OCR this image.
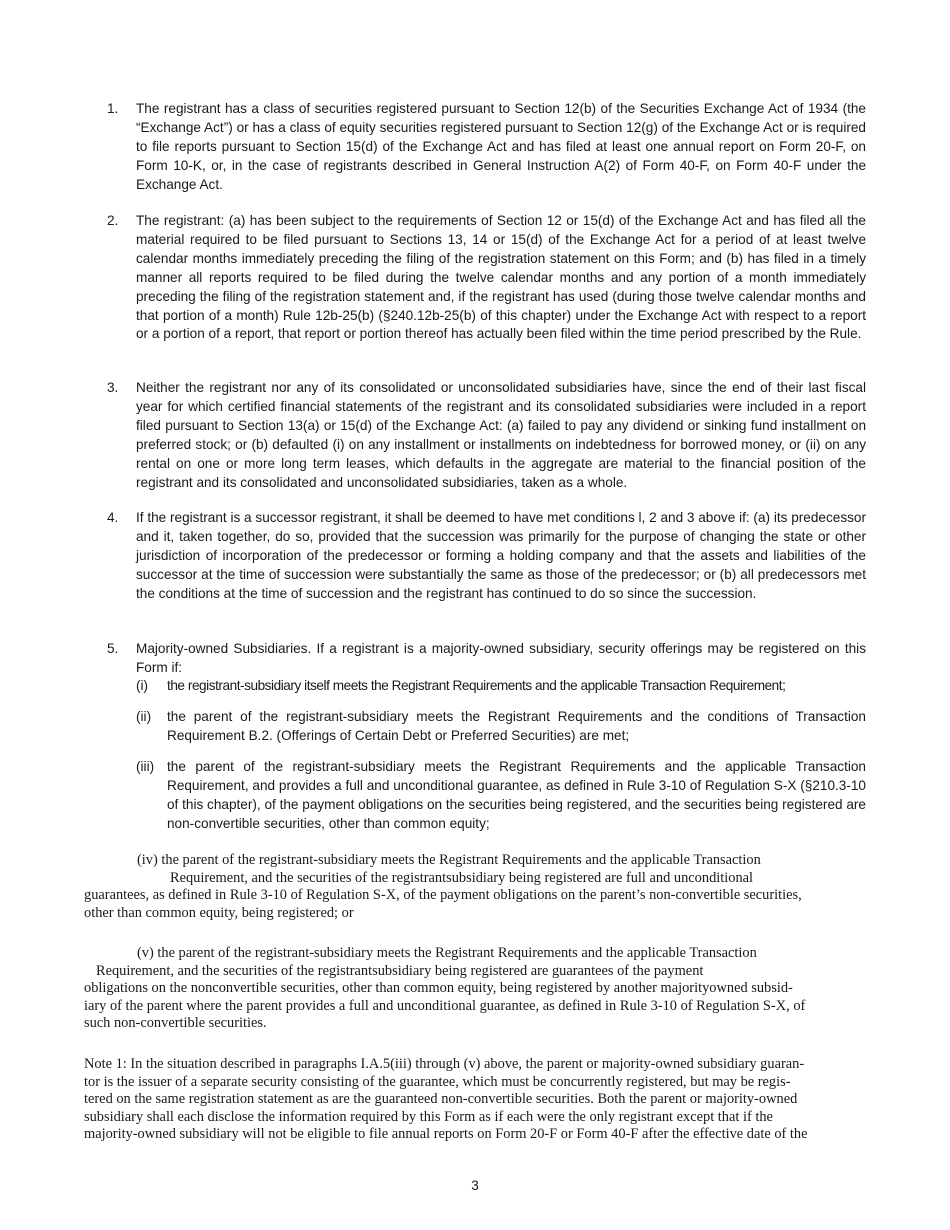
1. The registrant has a class of securities registered pursuant to Section 12(b) of the Securities Exchange Act of 1934 (the “Exchange Act”) or has a class of equity securities registered pursuant to Section 12(g) of the Exchange Act or is required to file reports pursuant to Section 15(d) of the Exchange Act and has filed at least one annual report on Form 20-F, on Form 10-K, or, in the case of registrants described in General Instruction A(2) of Form 40-F, on Form 40-F under the Exchange Act.
2. The registrant: (a) has been subject to the requirements of Section 12 or 15(d) of the Exchange Act and has filed all the material required to be filed pursuant to Sections 13, 14 or 15(d) of the Exchange Act for a period of at least twelve calendar months immediately preceding the filing of the registration statement on this Form; and (b) has filed in a timely manner all reports required to be filed during the twelve calendar months and any portion of a month immediately preceding the filing of the registration statement and, if the registrant has used (during those twelve calendar months and that portion of a month) Rule 12b-25(b) (§240.12b-25(b) of this chapter) under the Exchange Act with respect to a report or a portion of a report, that report or portion thereof has actually been filed within the time period prescribed by the Rule.
3. Neither the registrant nor any of its consolidated or unconsolidated subsidiaries have, since the end of their last fiscal year for which certified financial statements of the registrant and its consolidated subsidiaries were included in a report filed pursuant to Section 13(a) or 15(d) of the Exchange Act: (a) failed to pay any dividend or sinking fund installment on preferred stock; or (b) defaulted (i) on any installment or installments on indebtedness for borrowed money, or (ii) on any rental on one or more long term leases, which defaults in the aggregate are material to the financial position of the registrant and its consolidated and unconsolidated subsidiaries, taken as a whole.
4. If the registrant is a successor registrant, it shall be deemed to have met conditions l, 2 and 3 above if: (a) its predecessor and it, taken together, do so, provided that the succession was primarily for the purpose of changing the state or other jurisdiction of incorporation of the predecessor or forming a holding company and that the assets and liabilities of the successor at the time of succession were substantially the same as those of the predecessor; or (b) all predecessors met the conditions at the time of succession and the registrant has continued to do so since the succession.
5. Majority-owned Subsidiaries. If a registrant is a majority-owned subsidiary, security offerings may be registered on this Form if:
(i) the registrant-subsidiary itself meets the Registrant Requirements and the applicable Transaction Requirement;
(ii) the parent of the registrant-subsidiary meets the Registrant Requirements and the conditions of Transaction Requirement B.2. (Offerings of Certain Debt or Preferred Securities) are met;
(iii) the parent of the registrant-subsidiary meets the Registrant Requirements and the applicable Transaction Requirement, and provides a full and unconditional guarantee, as defined in Rule 3-10 of Regulation S-X (§210.3-10 of this chapter), of the payment obligations on the securities being registered, and the securities being registered are non-convertible securities, other than common equity;

(iv) the parent of the registrant-subsidiary meets the Registrant Requirements and the applicable Transaction

Requirement, and the securities of the registrantsubsidiary being registered are full and unconditional

guarantees, as defined in Rule 3-10 of Regulation S-X, of the payment obligations on the parent’s non-convertible securities,

other than common equity, being registered; or

(v) the parent of the registrant-subsidiary meets the Registrant Requirements and the applicable Transaction

Requirement, and the securities of the registrantsubsidiary being registered are guarantees of the payment

obligations on the nonconvertible securities, other than common equity, being registered by another majorityowned subsid-

iary of the parent where the parent provides a full and unconditional guarantee, as defined in Rule 3-10 of Regulation S-X, of

such non-convertible securities.

Note 1: In the situation described in paragraphs I.A.5(iii) through (v) above, the parent or majority-owned subsidiary guaran-

tor is the issuer of a separate security consisting of the guarantee, which must be concurrently registered, but may be regis-

tered on the same registration statement as are the guaranteed non-convertible securities. Both the parent or majority-owned

subsidiary shall each disclose the information required by this Form as if each were the only registrant except that if the

majority-owned subsidiary will not be eligible to file annual reports on Form 20-F or Form 40-F after the effective date of the

3
